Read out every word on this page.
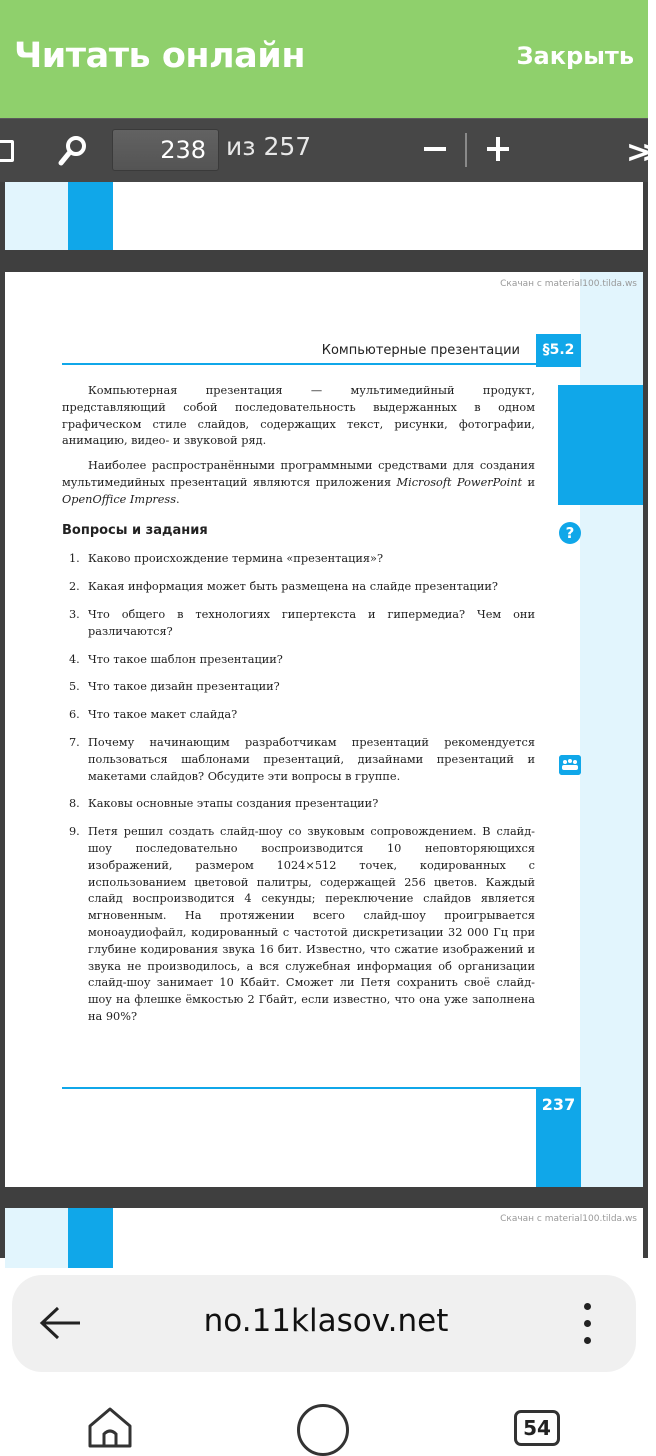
Читать онлайн	Закрыть
238 из 257	>>
Скачан с material100.tilda.ws
§5.2
Компьютерные презентации

Компьютерная презентация — мультимедийный продукт, представляющий собой последовательность выдержанных в одном графическом стиле слайдов, содержащих текст, рисунки, фотографии, анимацию, видео- и звуковой ряд.

Наиболее распространёнными программными средствами для создания мультимедийных презентаций являются приложения Microsoft PowerPoint и OpenOffice Impress.

Вопросы и задания
1. Каково происхождение термина «презентация»?
2. Какая информация может быть размещена на слайде презентации?
3. Что общего в технологиях гипертекста и гипермедиа? Чем они различаются?
4. Что такое шаблон презентации?
5. Что такое дизайн презентации?
6. Что такое макет слайда?
7. Почему начинающим разработчикам презентаций рекомендуется пользоваться шаблонами презентаций, дизайнами презентаций и макетами слайдов? Обсудите эти вопросы в группе.
8. Каковы основные этапы создания презентации?
9. Петя решил создать слайд-шоу со звуковым сопровождением. В слайд-шоу последовательно воспроизводится 10 неповторяющихся изображений, размером 1024×512 точек, кодированных с использованием цветовой палитры, содержащей 256 цветов. Каждый слайд воспроизводится 4 секунды; переключение слайдов является мгновенным. На протяжении всего слайд-шоу проигрывается моноаудиофайл, кодированный с частотой дискретизации 32 000 Гц при глубине кодирования звука 16 бит. Известно, что сжатие изображений и звука не производилось, а вся служебная информация об организации слайд-шоу занимает 10 Кбайт. Сможет ли Петя сохранить своё слайд-шоу на флешке ёмкостью 2 Гбайт, если известно, что она уже заполнена на 90%?
?
237
Скачан с material100.tilda.ws
no.11klasov.net
54
